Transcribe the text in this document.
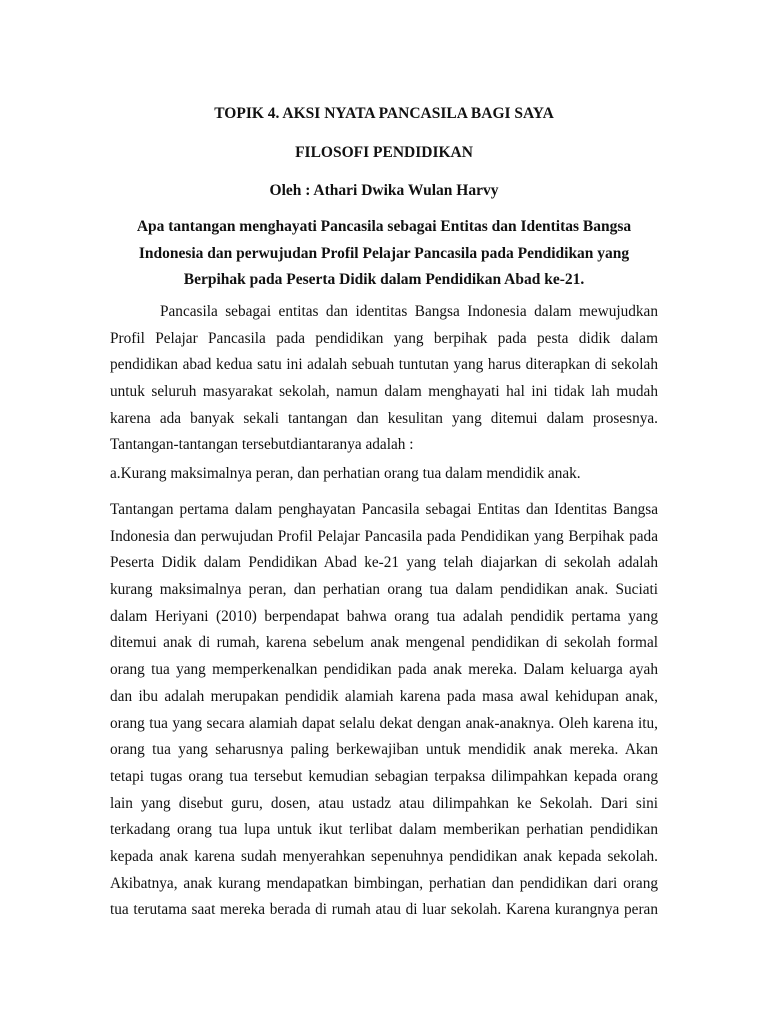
TOPIK 4. AKSI NYATA PANCASILA BAGI SAYA
FILOSOFI PENDIDIKAN
Oleh : Athari Dwika Wulan Harvy
Apa tantangan menghayati Pancasila sebagai Entitas dan Identitas Bangsa
Indonesia dan perwujudan Profil Pelajar Pancasila pada Pendidikan yang
Berpihak pada Peserta Didik dalam Pendidikan Abad ke-21.
Pancasila sebagai entitas dan identitas Bangsa Indonesia dalam mewujudkan
Profil Pelajar Pancasila pada pendidikan yang berpihak pada pesta didik dalam
pendidikan abad kedua satu ini adalah sebuah tuntutan yang harus diterapkan di sekolah
untuk seluruh masyarakat sekolah, namun dalam menghayati hal ini tidak lah mudah
karena ada banyak sekali tantangan dan kesulitan yang ditemui dalam prosesnya.
Tantangan-tantangan tersebutdiantaranya adalah :
a.Kurang maksimalnya peran, dan perhatian orang tua dalam mendidik anak.
Tantangan pertama dalam penghayatan Pancasila sebagai Entitas dan Identitas Bangsa
Indonesia dan perwujudan Profil Pelajar Pancasila pada Pendidikan yang Berpihak pada
Peserta Didik dalam Pendidikan Abad ke-21 yang telah diajarkan di sekolah adalah
kurang maksimalnya peran, dan perhatian orang tua dalam pendidikan anak. Suciati
dalam Heriyani (2010) berpendapat bahwa orang tua adalah pendidik pertama yang
ditemui anak di rumah, karena sebelum anak mengenal pendidikan di sekolah formal
orang tua yang memperkenalkan pendidikan pada anak mereka. Dalam keluarga ayah
dan ibu adalah merupakan pendidik alamiah karena pada masa awal kehidupan anak,
orang tua yang secara alamiah dapat selalu dekat dengan anak-anaknya. Oleh karena itu,
orang tua yang seharusnya paling berkewajiban untuk mendidik anak mereka. Akan
tetapi tugas orang tua tersebut kemudian sebagian terpaksa dilimpahkan kepada orang
lain yang disebut guru, dosen, atau ustadz atau dilimpahkan ke Sekolah. Dari sini
terkadang orang tua lupa untuk ikut terlibat dalam memberikan perhatian pendidikan
kepada anak karena sudah menyerahkan sepenuhnya pendidikan anak kepada sekolah.
Akibatnya, anak kurang mendapatkan bimbingan, perhatian dan pendidikan dari orang
tua terutama saat mereka berada di rumah atau di luar sekolah. Karena kurangnya peran
